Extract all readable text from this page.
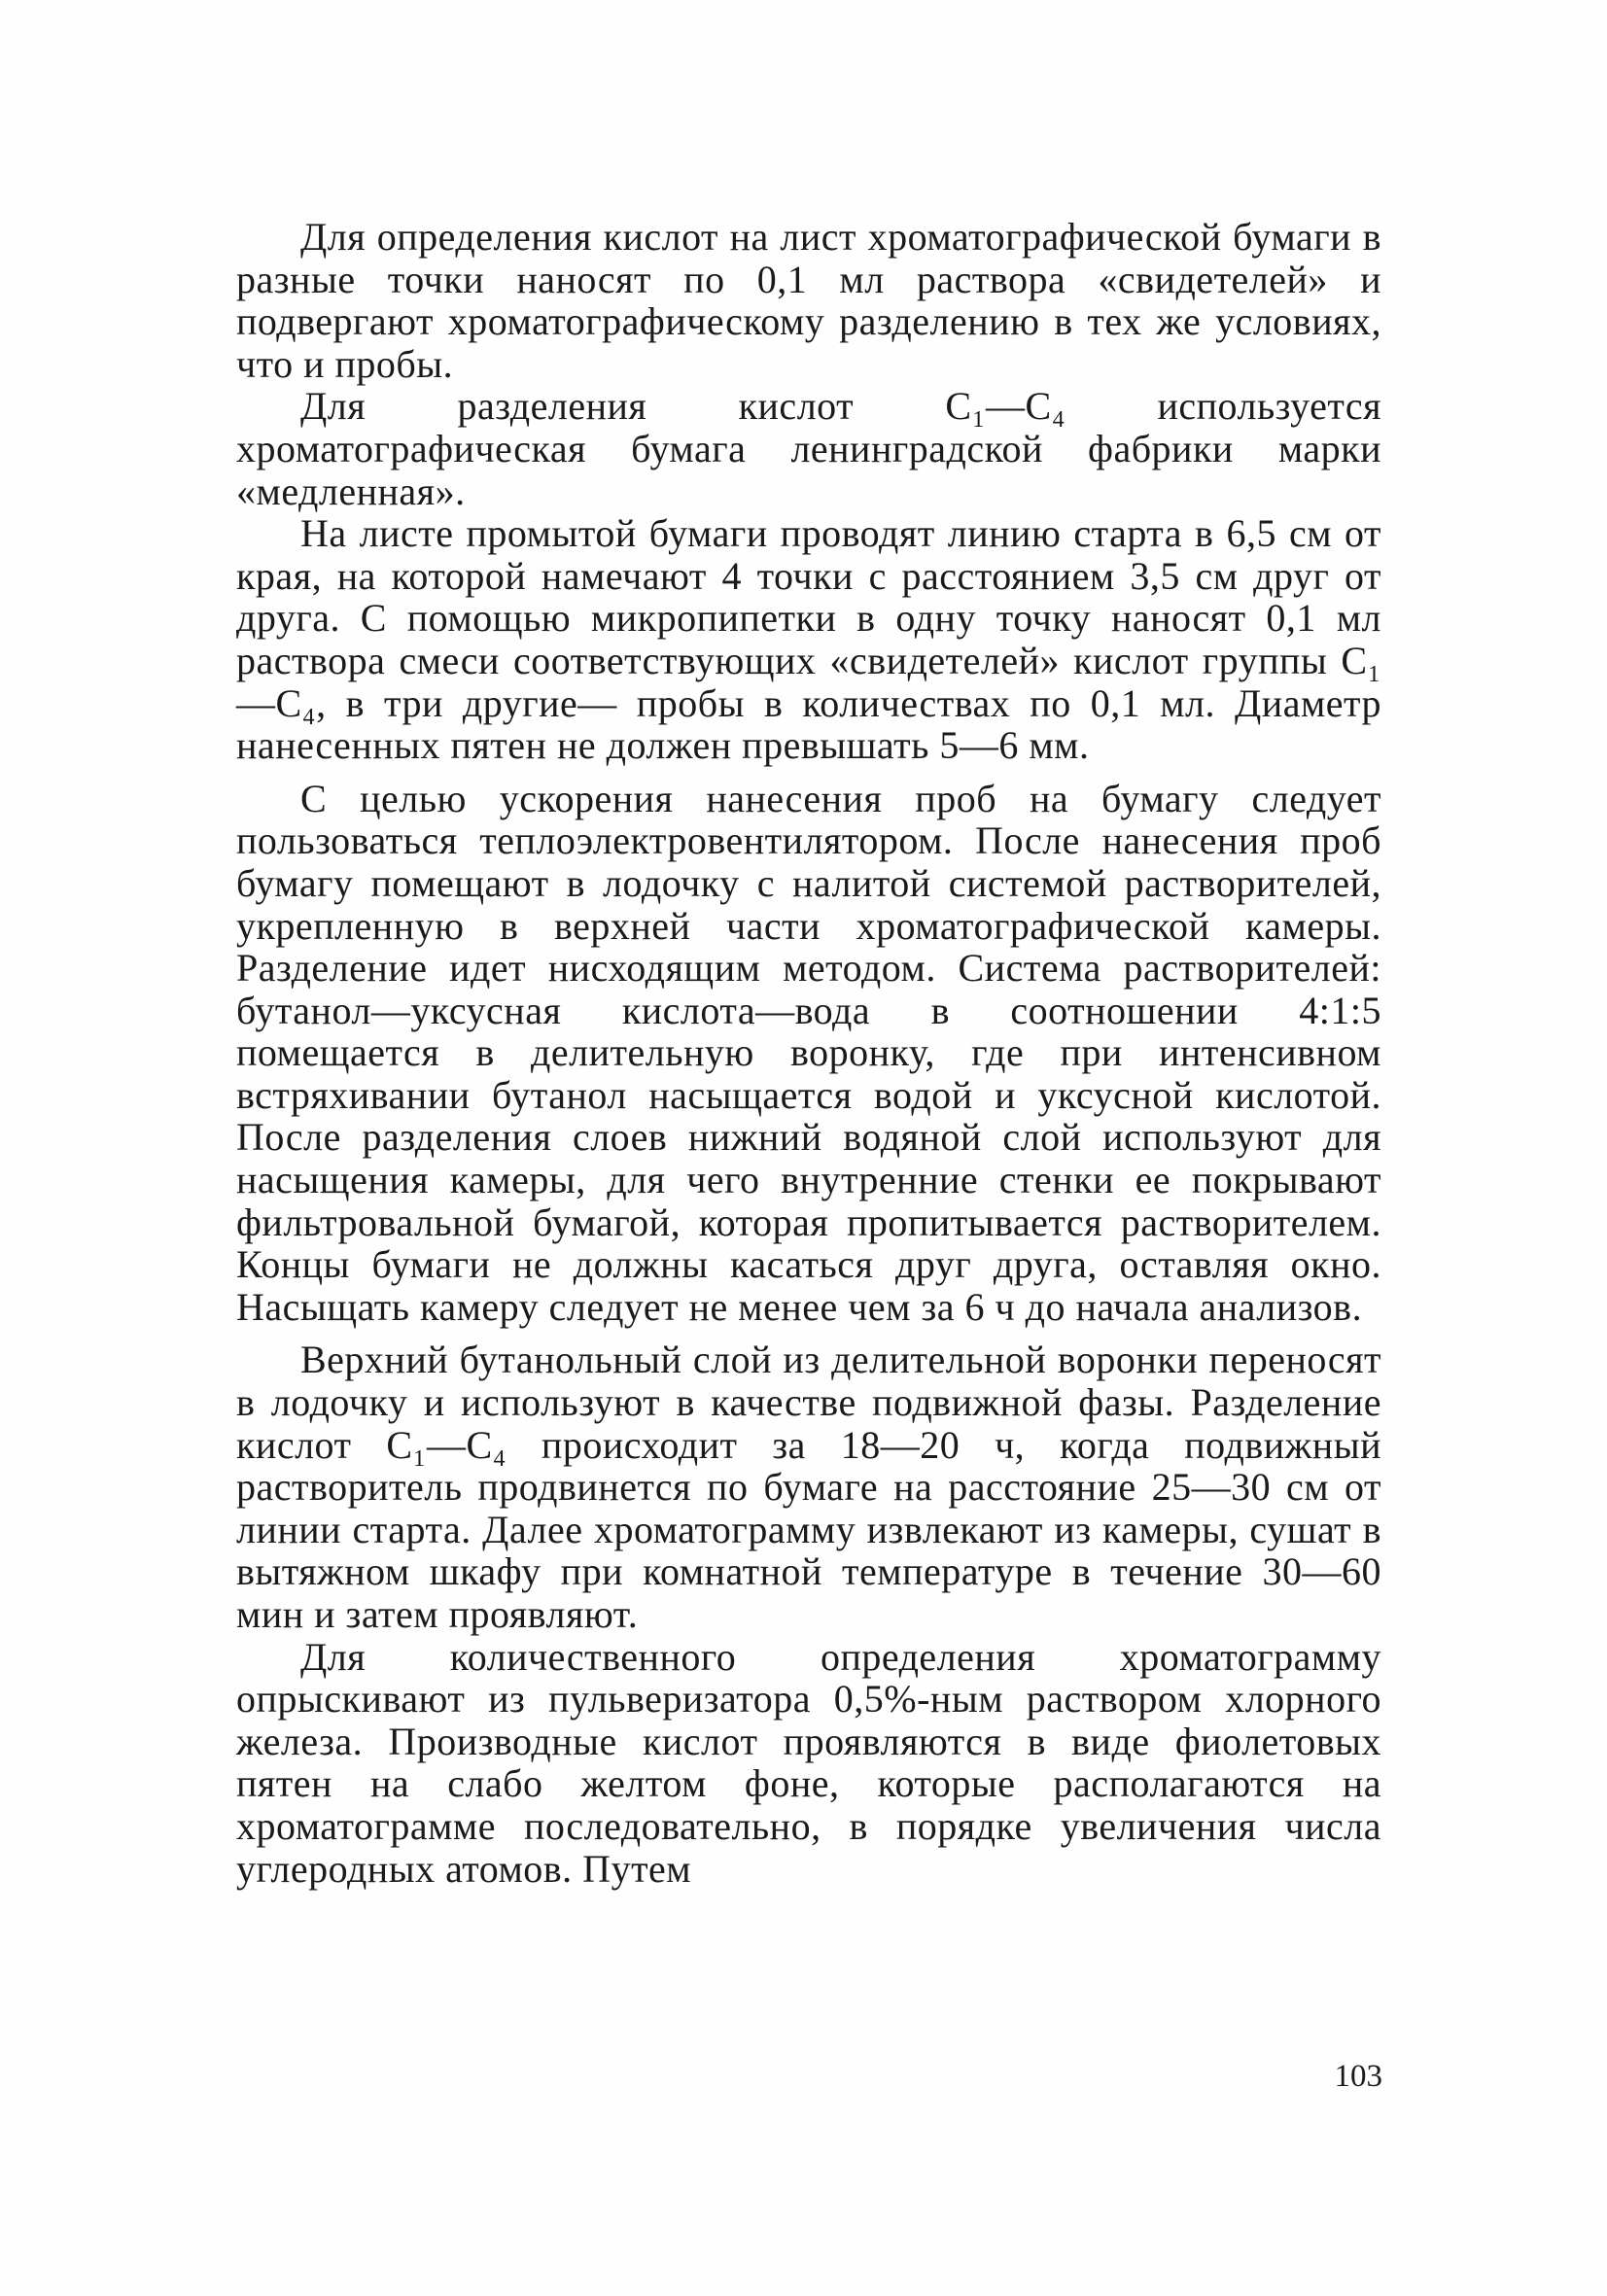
Для определения кислот на лист хроматографической бумаги в разные точки наносят по 0,1 мл раствора «свидетелей» и подвергают хроматографическому разделению в тех же условиях, что и пробы.

Для разделения кислот С₁—С₄ используется хроматографическая бумага ленинградской фабрики марки «медленная».

На листе промытой бумаги проводят линию старта в 6,5 см от края, на которой намечают 4 точки с расстоянием 3,5 см друг от друга. С помощью микропипетки в одну точку наносят 0,1 мл раствора смеси соответствующих «свидетелей» кислот группы С₁—С₄, в три другие— пробы в количествах по 0,1 мл. Диаметр нанесенных пятен не должен превышать 5—6 мм.

С целью ускорения нанесения проб на бумагу следует пользоваться теплоэлектровентилятором. После нанесения проб бумагу помещают в лодочку с налитой системой растворителей, укрепленную в верхней части хроматографической камеры. Разделение идет нисходящим методом. Система растворителей: бутанол—уксусная кислота—вода в соотношении 4:1:5 помещается в делительную воронку, где при интенсивном встряхивании бутанол насыщается водой и уксусной кислотой. После разделения слоев нижний водяной слой используют для насыщения камеры, для чего внутренние стенки ее покрывают фильтровальной бумагой, которая пропитывается растворителем. Концы бумаги не должны касаться друг друга, оставляя окно. Насыщать камеру следует не менее чем за 6 ч до начала анализов.

Верхний бутанольный слой из делительной воронки переносят в лодочку и используют в качестве подвижной фазы. Разделение кислот С₁—С₄ происходит за 18—20 ч, когда подвижный растворитель продвинется по бумаге на расстояние 25—30 см от линии старта. Далее хроматограмму извлекают из камеры, сушат в вытяжном шкафу при комнатной температуре в течение 30—60 мин и затем проявляют.

Для количественного определения хроматограмму опрыскивают из пульверизатора 0,5%-ным раствором хлорного железа. Производные кислот проявляются в виде фиолетовых пятен на слабо желтом фоне, которые располагаются на хроматограмме последовательно, в порядке увеличения числа углеродных атомов. Путем

103
